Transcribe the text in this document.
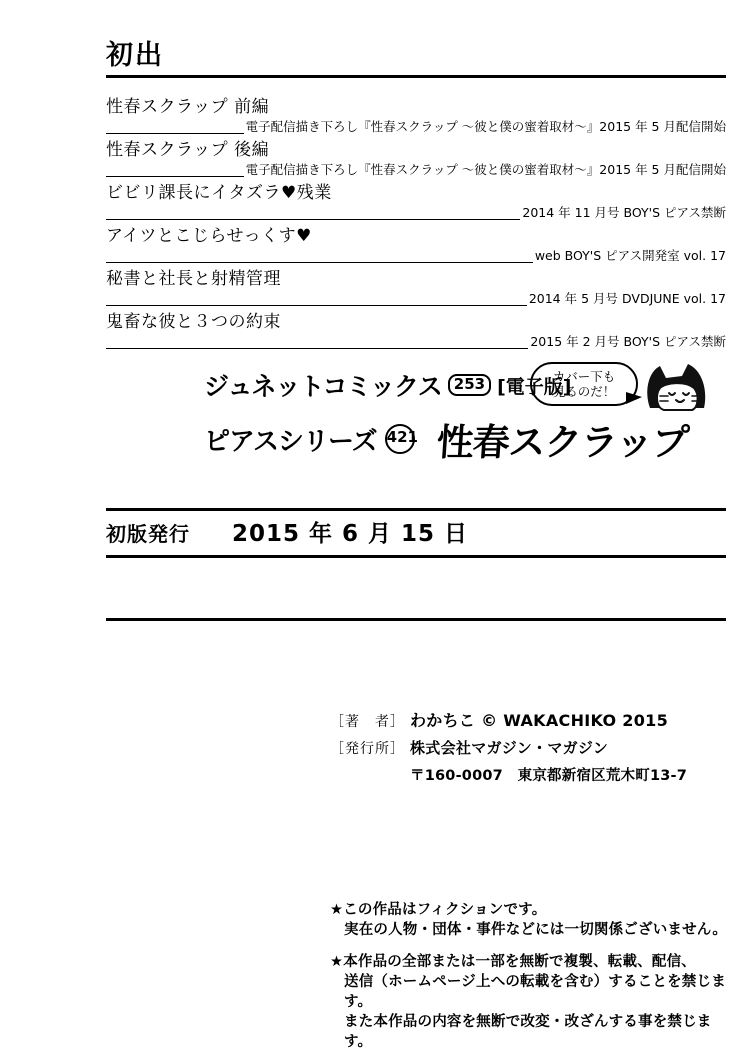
初出
性春スクラップ 前編
電子配信描き下ろし『性春スクラップ ～彼と僕の蜜着取材～』2015 年 5 月配信開始
性春スクラップ 後編
電子配信描き下ろし『性春スクラップ ～彼と僕の蜜着取材～』2015 年 5 月配信開始
ビビリ課長にイタズラ♥残業
2014 年 11 月号 BOY'S ピアス禁断
アイツとこじらせっくす♥
web BOY'S ピアス開発室 vol. 17
秘書と社長と射精管理
2014 年 5 月号 DVDJUNE vol. 17
鬼畜な彼と３つの約束
2015 年 2 月号 BOY'S ピアス禁断
カバー下も
見るのだ！
ジュネットコミックス 253 [電子版]
ピアスシリーズ 421 性春スクラップ
初版発行 2015 年 6 月 15 日
［著　者］ わかちこ © WAKACHIKO 2015
［発行所］ 株式会社マガジン・マガジン
〒160-0007　東京都新宿区荒木町13-7
★この作品はフィクションです。
実在の人物・団体・事件などには一切関係ございません。
★本作品の全部または一部を無断で複製、転載、配信、
送信（ホームページ上への転載を含む）することを禁じます。
また本作品の内容を無断で改変・改ざんする事を禁じます。
